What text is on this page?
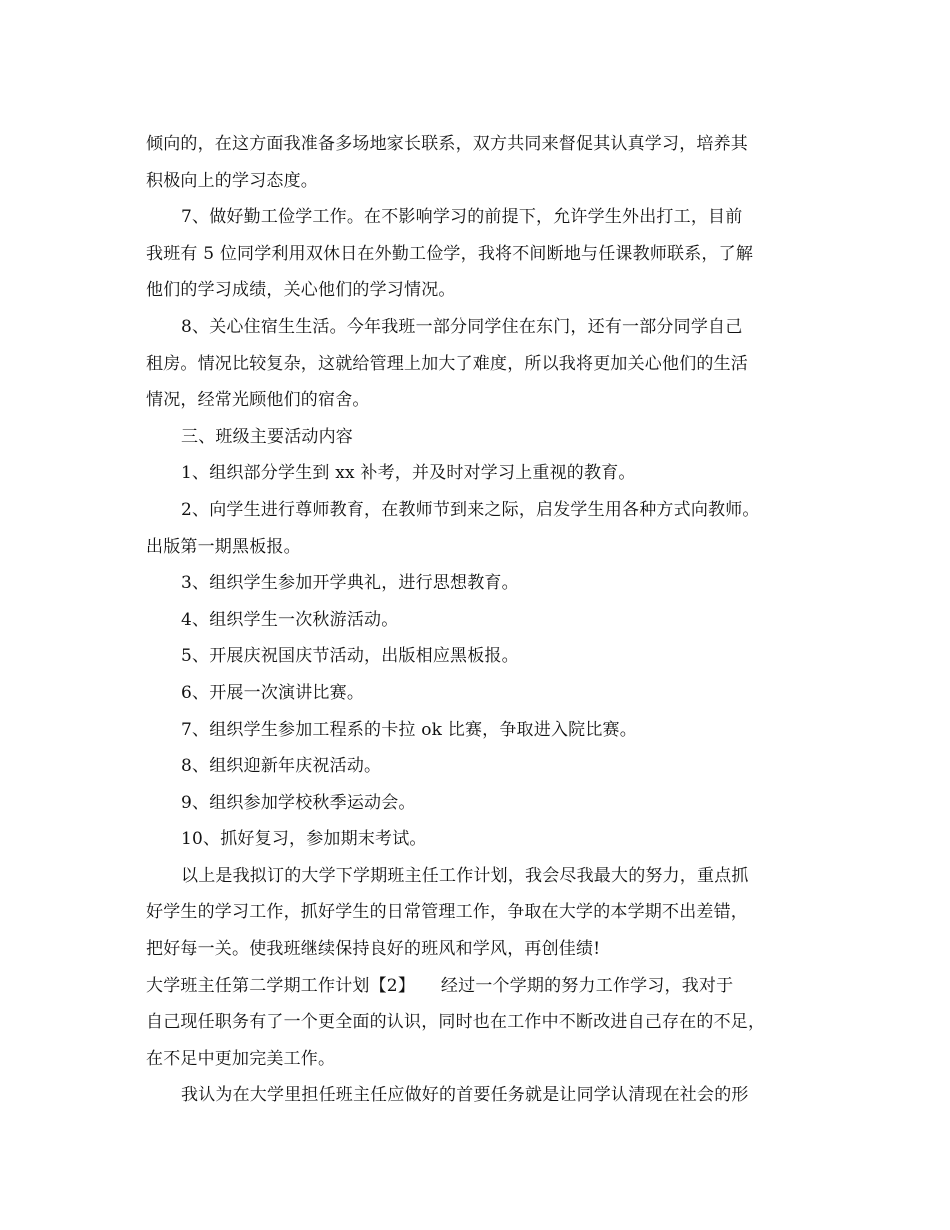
倾向的，在这方面我准备多场地家长联系，双方共同来督促其认真学习，培养其

积极向上的学习态度。

7、做好勤工俭学工作。在不影响学习的前提下，允许学生外出打工，目前

我班有 5 位同学利用双休日在外勤工俭学，我将不间断地与任课教师联系，了解

他们的学习成绩，关心他们的学习情况。

8、关心住宿生生活。今年我班一部分同学住在东门，还有一部分同学自己

租房。情况比较复杂，这就给管理上加大了难度，所以我将更加关心他们的生活

情况，经常光顾他们的宿舍。

三、班级主要活动内容

1、组织部分学生到 xx 补考，并及时对学习上重视的教育。

2、向学生进行尊师教育，在教师节到来之际，启发学生用各种方式向教师。

出版第一期黑板报。

3、组织学生参加开学典礼，进行思想教育。

4、组织学生一次秋游活动。

5、开展庆祝国庆节活动，出版相应黑板报。

6、开展一次演讲比赛。

7、组织学生参加工程系的卡拉 ok 比赛，争取进入院比赛。

8、组织迎新年庆祝活动。

9、组织参加学校秋季运动会。

10、抓好复习，参加期末考试。

以上是我拟订的大学下学期班主任工作计划，我会尽我最大的努力，重点抓

好学生的学习工作，抓好学生的日常管理工作，争取在大学的本学期不出差错，

把好每一关。使我班继续保持良好的班风和学风，再创佳绩!

大学班主任第二学期工作计划【2】　　经过一个学期的努力工作学习，我对于

自己现任职务有了一个更全面的认识，同时也在工作中不断改进自己存在的不足，

在不足中更加完美工作。

我认为在大学里担任班主任应做好的首要任务就是让同学认清现在社会的形
